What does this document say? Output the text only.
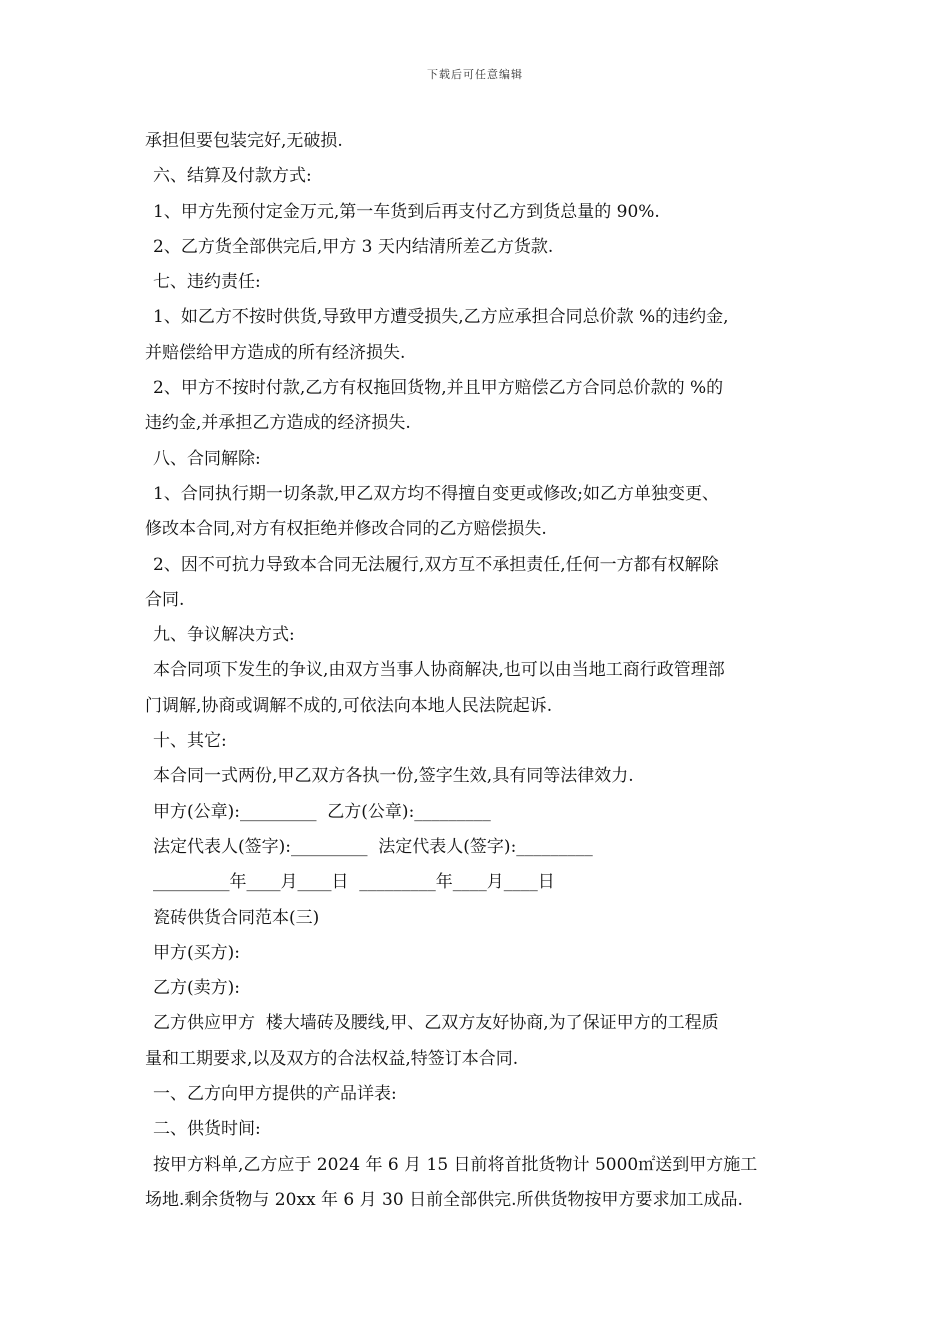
下载后可任意编辑
承担但要包装完好,无破损.
六、结算及付款方式:
1、甲方先预付定金万元,第一车货到后再支付乙方到货总量的 90%.
2、乙方货全部供完后,甲方 3 天内结清所差乙方货款.
七、违约责任:
1、如乙方不按时供货,导致甲方遭受损失,乙方应承担合同总价款 %的违约金,
并赔偿给甲方造成的所有经济损失.
2、甲方不按时付款,乙方有权拖回货物,并且甲方赔偿乙方合同总价款的 %的
违约金,并承担乙方造成的经济损失.
八、合同解除:
1、合同执行期一切条款,甲乙双方均不得擅自变更或修改;如乙方单独变更、
修改本合同,对方有权拒绝并修改合同的乙方赔偿损失.
2、因不可抗力导致本合同无法履行,双方互不承担责任,任何一方都有权解除
合同.
九、争议解决方式:
本合同项下发生的争议,由双方当事人协商解决,也可以由当地工商行政管理部
门调解,协商或调解不成的,可依法向本地人民法院起诉.
十、其它:
本合同一式两份,甲乙双方各执一份,签字生效,具有同等法律效力.
甲方(公章):_________  乙方(公章):_________
法定代表人(签字):_________  法定代表人(签字):_________
_________年____月____日  _________年____月____日
瓷砖供货合同范本(三)
甲方(买方):
乙方(卖方):
乙方供应甲方  楼大墙砖及腰线,甲、乙双方友好协商,为了保证甲方的工程质
量和工期要求,以及双方的合法权益,特签订本合同.
一、乙方向甲方提供的产品详表:
二、供货时间:
按甲方料单,乙方应于 2024 年 6 月 15 日前将首批货物计 5000㎡送到甲方施工
场地.剩余货物与 20xx 年 6 月 30 日前全部供完.所供货物按甲方要求加工成品.
